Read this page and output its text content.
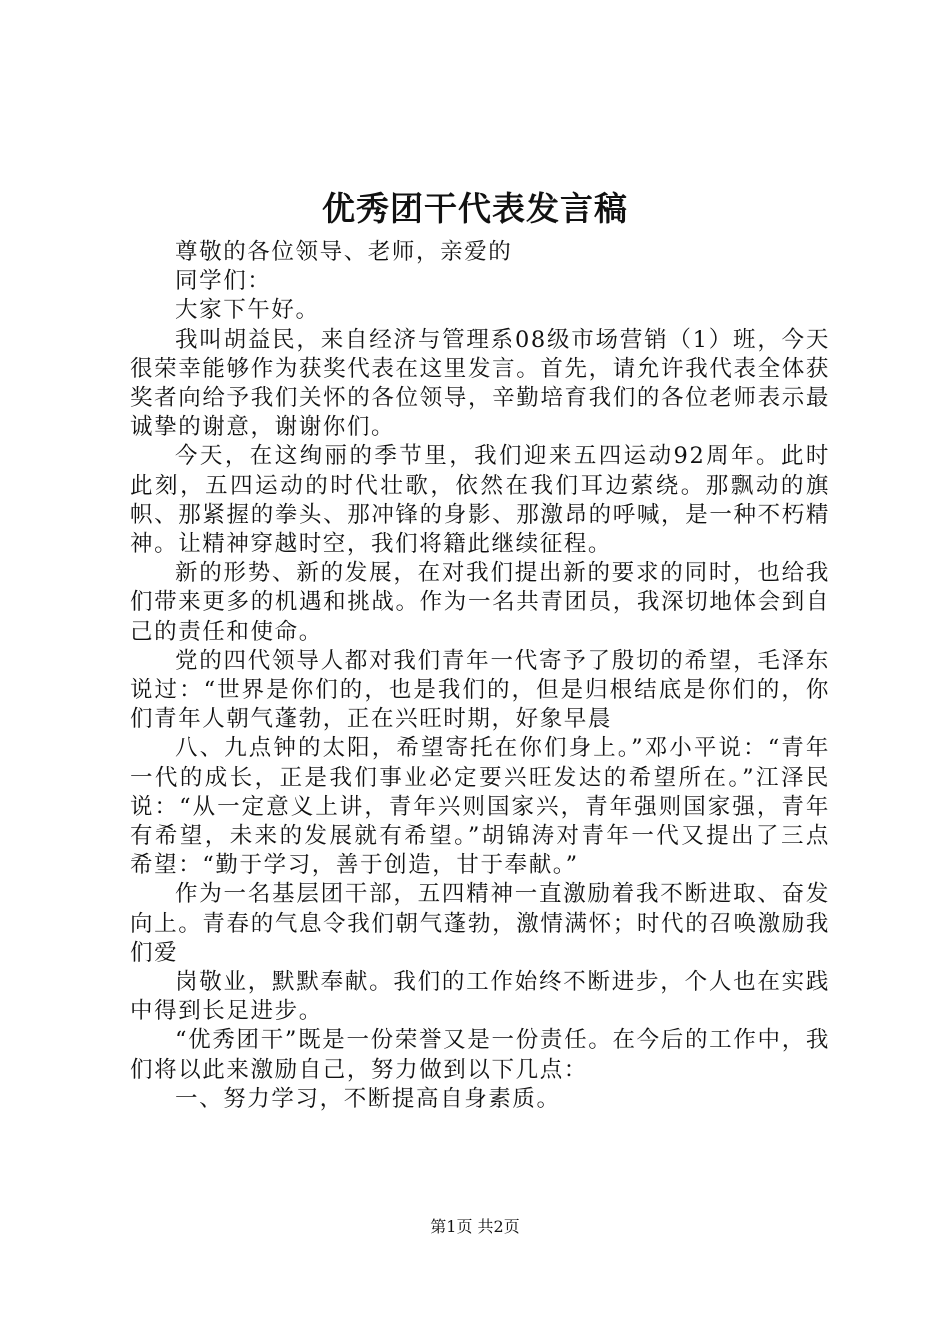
优秀团干代表发言稿

尊敬的各位领导、老师，亲爱的

同学们：

大家下午好。

我叫胡益民，来自经济与管理系08级市场营销（1）班，今天很荣幸能够作为获奖代表在这里发言。首先，请允许我代表全体获奖者向给予我们关怀的各位领导，辛勤培育我们的各位老师表示最诚挚的谢意，谢谢你们。

今天，在这绚丽的季节里，我们迎来五四运动92周年。此时此刻，五四运动的时代壮歌，依然在我们耳边萦绕。那飘动的旗帜、那紧握的拳头、那冲锋的身影、那激昂的呼喊，是一种不朽精神。让精神穿越时空，我们将籍此继续征程。

新的形势、新的发展，在对我们提出新的要求的同时，也给我们带来更多的机遇和挑战。作为一名共青团员，我深切地体会到自己的责任和使命。

党的四代领导人都对我们青年一代寄予了殷切的希望，毛泽东说过：“世界是你们的，也是我们的，但是归根结底是你们的，你们青年人朝气蓬勃，正在兴旺时期，好象早晨

八、九点钟的太阳，希望寄托在你们身上。”邓小平说：“青年一代的成长，正是我们事业必定要兴旺发达的希望所在。”江泽民说：“从一定意义上讲，青年兴则国家兴，青年强则国家强，青年有希望，未来的发展就有希望。”胡锦涛对青年一代又提出了三点希望：“勤于学习，善于创造，甘于奉献。”

作为一名基层团干部，五四精神一直激励着我不断进取、奋发向上。青春的气息令我们朝气蓬勃，激情满怀；时代的召唤激励我们爱

岗敬业，默默奉献。我们的工作始终不断进步，个人也在实践中得到长足进步。

“优秀团干”既是一份荣誉又是一份责任。在今后的工作中，我们将以此来激励自己，努力做到以下几点：

一、努力学习，不断提高自身素质。

第1页 共2页
